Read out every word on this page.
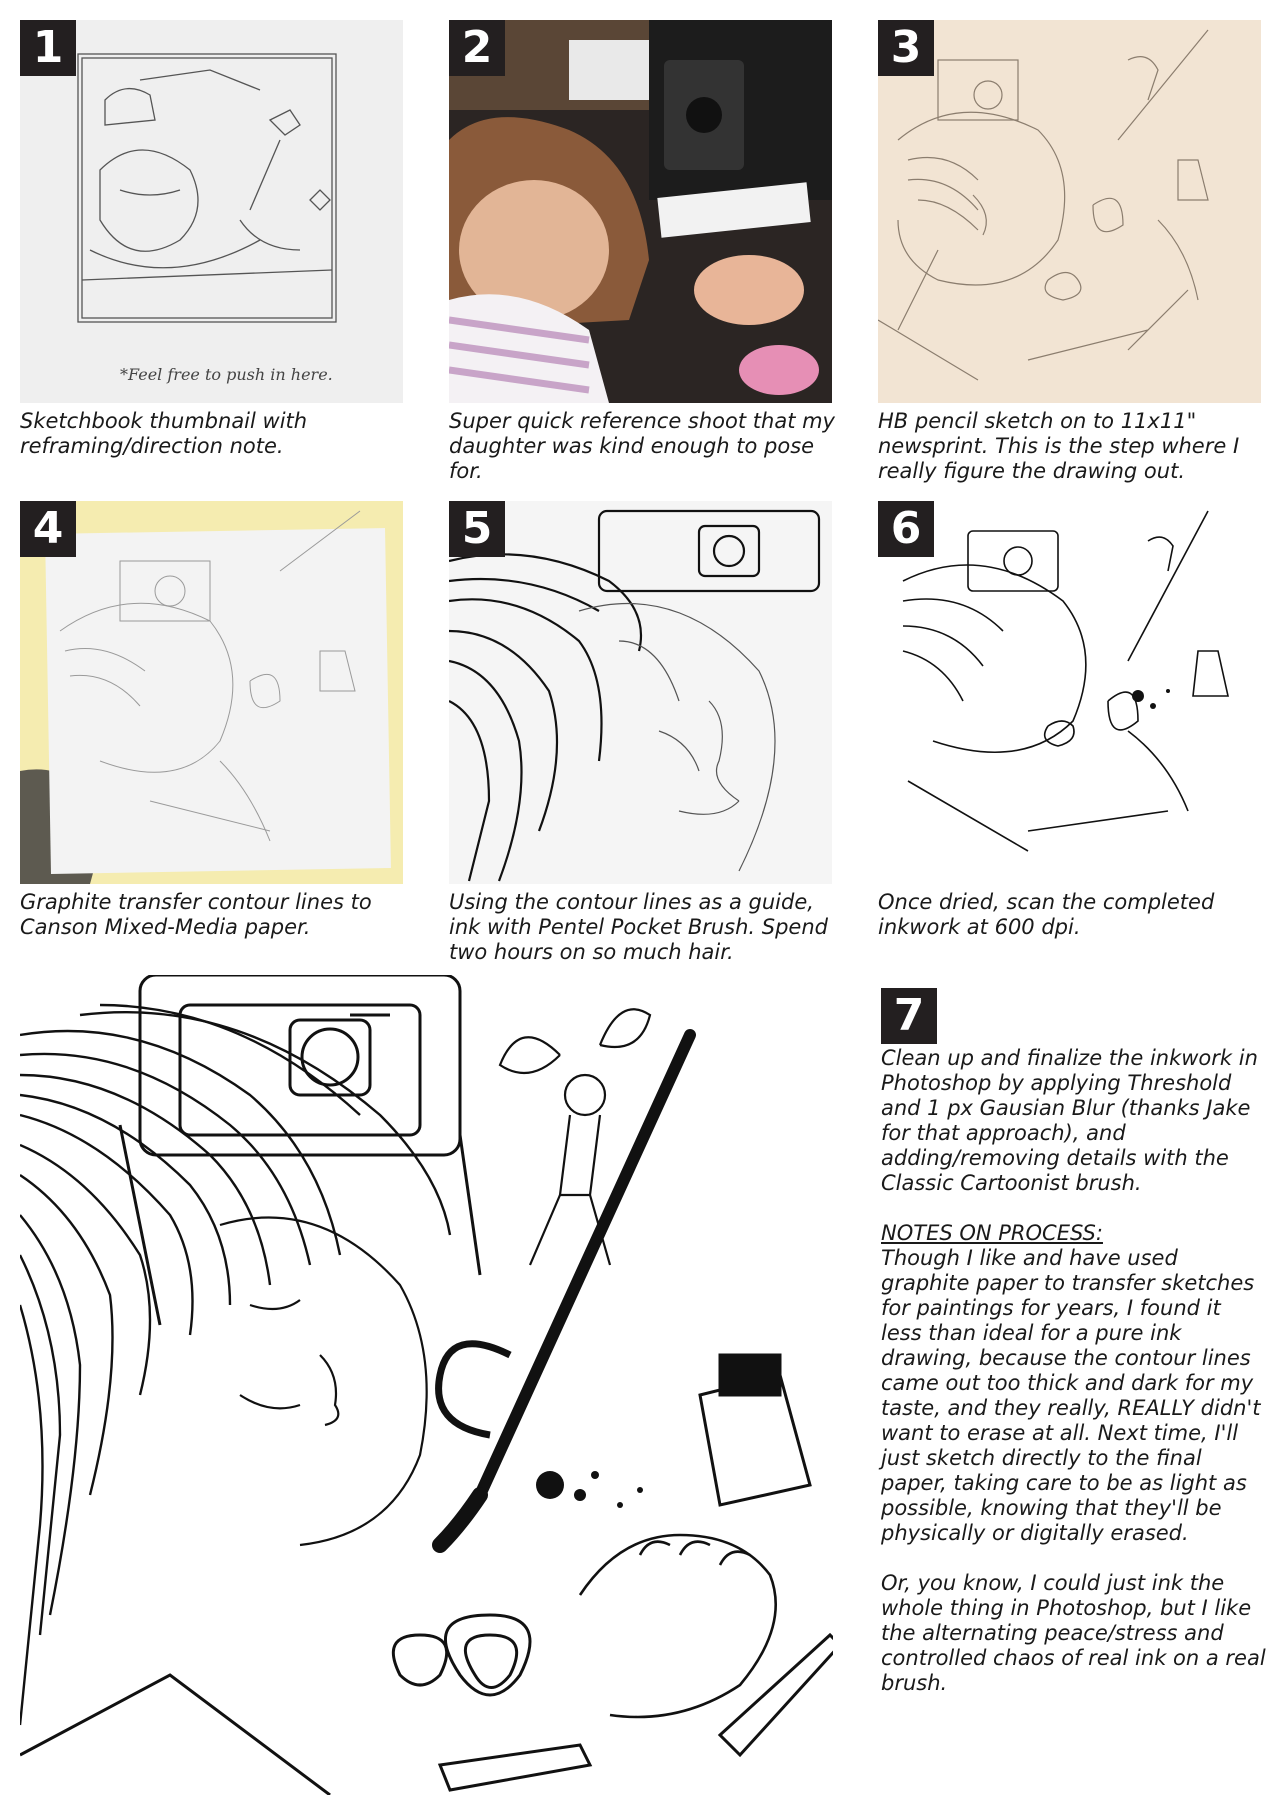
*Feel free to push in here.
1

Sketchbook thumbnail with reframing/direction note.

2

Super quick reference shoot that my daughter was kind enough to pose for.

3

HB pencil sketch on to 11x11" newsprint. This is the step where I really figure the drawing out.

4

Graphite transfer contour lines to Canson Mixed-Media paper.

5

Using the contour lines as a guide, ink with Pentel Pocket Brush. Spend two hours on so much hair.

6

Once dried, scan the completed inkwork at 600 dpi.

7

Clean up and finalize the inkwork in Photoshop by applying Threshold and 1 px Gausian Blur (thanks Jake for that approach), and adding/removing details with the Classic Cartoonist brush.

NOTES ON PROCESS:

Though I like and have used graphite paper to transfer sketches for paintings for years, I found it less than ideal for a pure ink drawing, because the contour lines came out too thick and dark for my taste, and they really, REALLY didn't want to erase at all. Next time, I'll just sketch directly to the final paper, taking care to be as light as possible, knowing that they'll be physically or digitally erased.

Or, you know, I could just ink the whole thing in Photoshop, but I like the alternating peace/stress and controlled chaos of real ink on a real brush.
